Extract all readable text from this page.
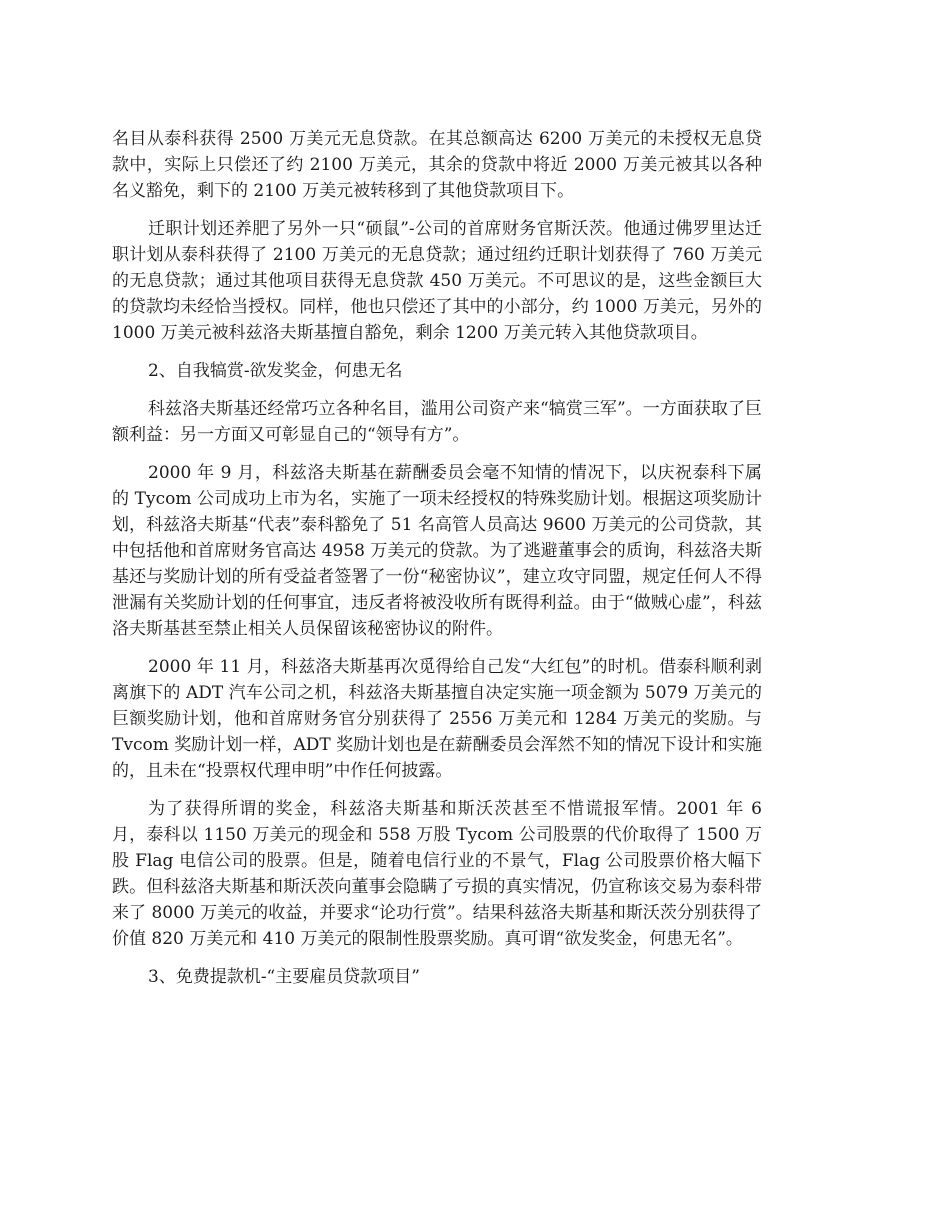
名目从泰科获得 2500 万美元无息贷款。在其总额高达 6200 万美元的未授权无息贷款中，实际上只偿还了约 2100 万美元，其余的贷款中将近 2000 万美元被其以各种名义豁免，剩下的 2100 万美元被转移到了其他贷款项目下。

迁职计划还养肥了另外一只“硕鼠”-公司的首席财务官斯沃茨。他通过佛罗里达迁职计划从泰科获得了 2100 万美元的无息贷款；通过纽约迁职计划获得了 760 万美元的无息贷款；通过其他项目获得无息贷款 450 万美元。不可思议的是，这些金额巨大的贷款均未经恰当授权。同样，他也只偿还了其中的小部分，约 1000 万美元，另外的 1000 万美元被科兹洛夫斯基擅自豁免，剩余 1200 万美元转入其他贷款项目。

2、自我犒赏-欲发奖金，何患无名

科兹洛夫斯基还经常巧立各种名目，滥用公司资产来“犒赏三军”。一方面获取了巨额利益：另一方面又可彰显自己的“领导有方”。

2000 年 9 月，科兹洛夫斯基在薪酬委员会毫不知情的情况下，以庆祝泰科下属的 Tycom 公司成功上市为名，实施了一项未经授权的特殊奖励计划。根据这项奖励计划，科兹洛夫斯基“代表”泰科豁免了 51 名高管人员高达 9600 万美元的公司贷款，其中包括他和首席财务官高达 4958 万美元的贷款。为了逃避董事会的质询，科兹洛夫斯基还与奖励计划的所有受益者签署了一份“秘密协议”，建立攻守同盟，规定任何人不得泄漏有关奖励计划的任何事宜，违反者将被没收所有既得利益。由于“做贼心虚”，科兹洛夫斯基甚至禁止相关人员保留该秘密协议的附件。

2000 年 11 月，科兹洛夫斯基再次觅得给自己发“大红包”的时机。借泰科顺利剥离旗下的 ADT 汽车公司之机，科兹洛夫斯基擅自决定实施一项金额为 5079 万美元的巨额奖励计划，他和首席财务官分别获得了 2556 万美元和 1284 万美元的奖励。与 Tvcom 奖励计划一样，ADT 奖励计划也是在薪酬委员会浑然不知的情况下设计和实施的，且未在“投票权代理申明”中作任何披露。

为了获得所谓的奖金，科兹洛夫斯基和斯沃茨甚至不惜谎报军情。2001 年 6 月，泰科以 1150 万美元的现金和 558 万股 Tycom 公司股票的代价取得了 1500 万股 Flag 电信公司的股票。但是，随着电信行业的不景气，Flag 公司股票价格大幅下跌。但科兹洛夫斯基和斯沃茨向董事会隐瞒了亏损的真实情况，仍宣称该交易为泰科带来了 8000 万美元的收益，并要求“论功行赏”。结果科兹洛夫斯基和斯沃茨分别获得了价值 820 万美元和 410 万美元的限制性股票奖励。真可谓“欲发奖金，何患无名”。

3、免费提款机-“主要雇员贷款项目”
